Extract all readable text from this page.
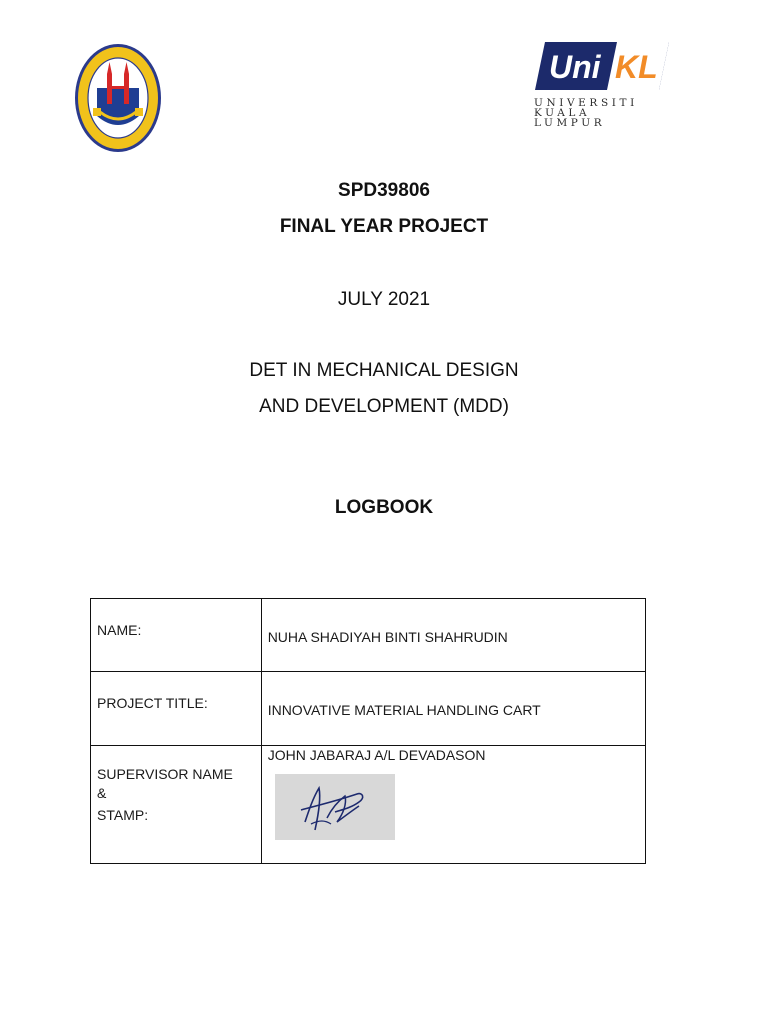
Uni KL
UNIVERSITI
KUALA LUMPUR
SPD39806
FINAL YEAR PROJECT
JULY 2021
DET IN MECHANICAL DESIGN
AND DEVELOPMENT (MDD)
LOGBOOK
NAME:	NUHA SHADIYAH BINTI SHAHRUDIN

PROJECT TITLE:	INNOVATIVE MATERIAL HANDLING CART

SUPERVISOR NAME
&
STAMP:	JOHN JABARAJ A/L DEVADASON
